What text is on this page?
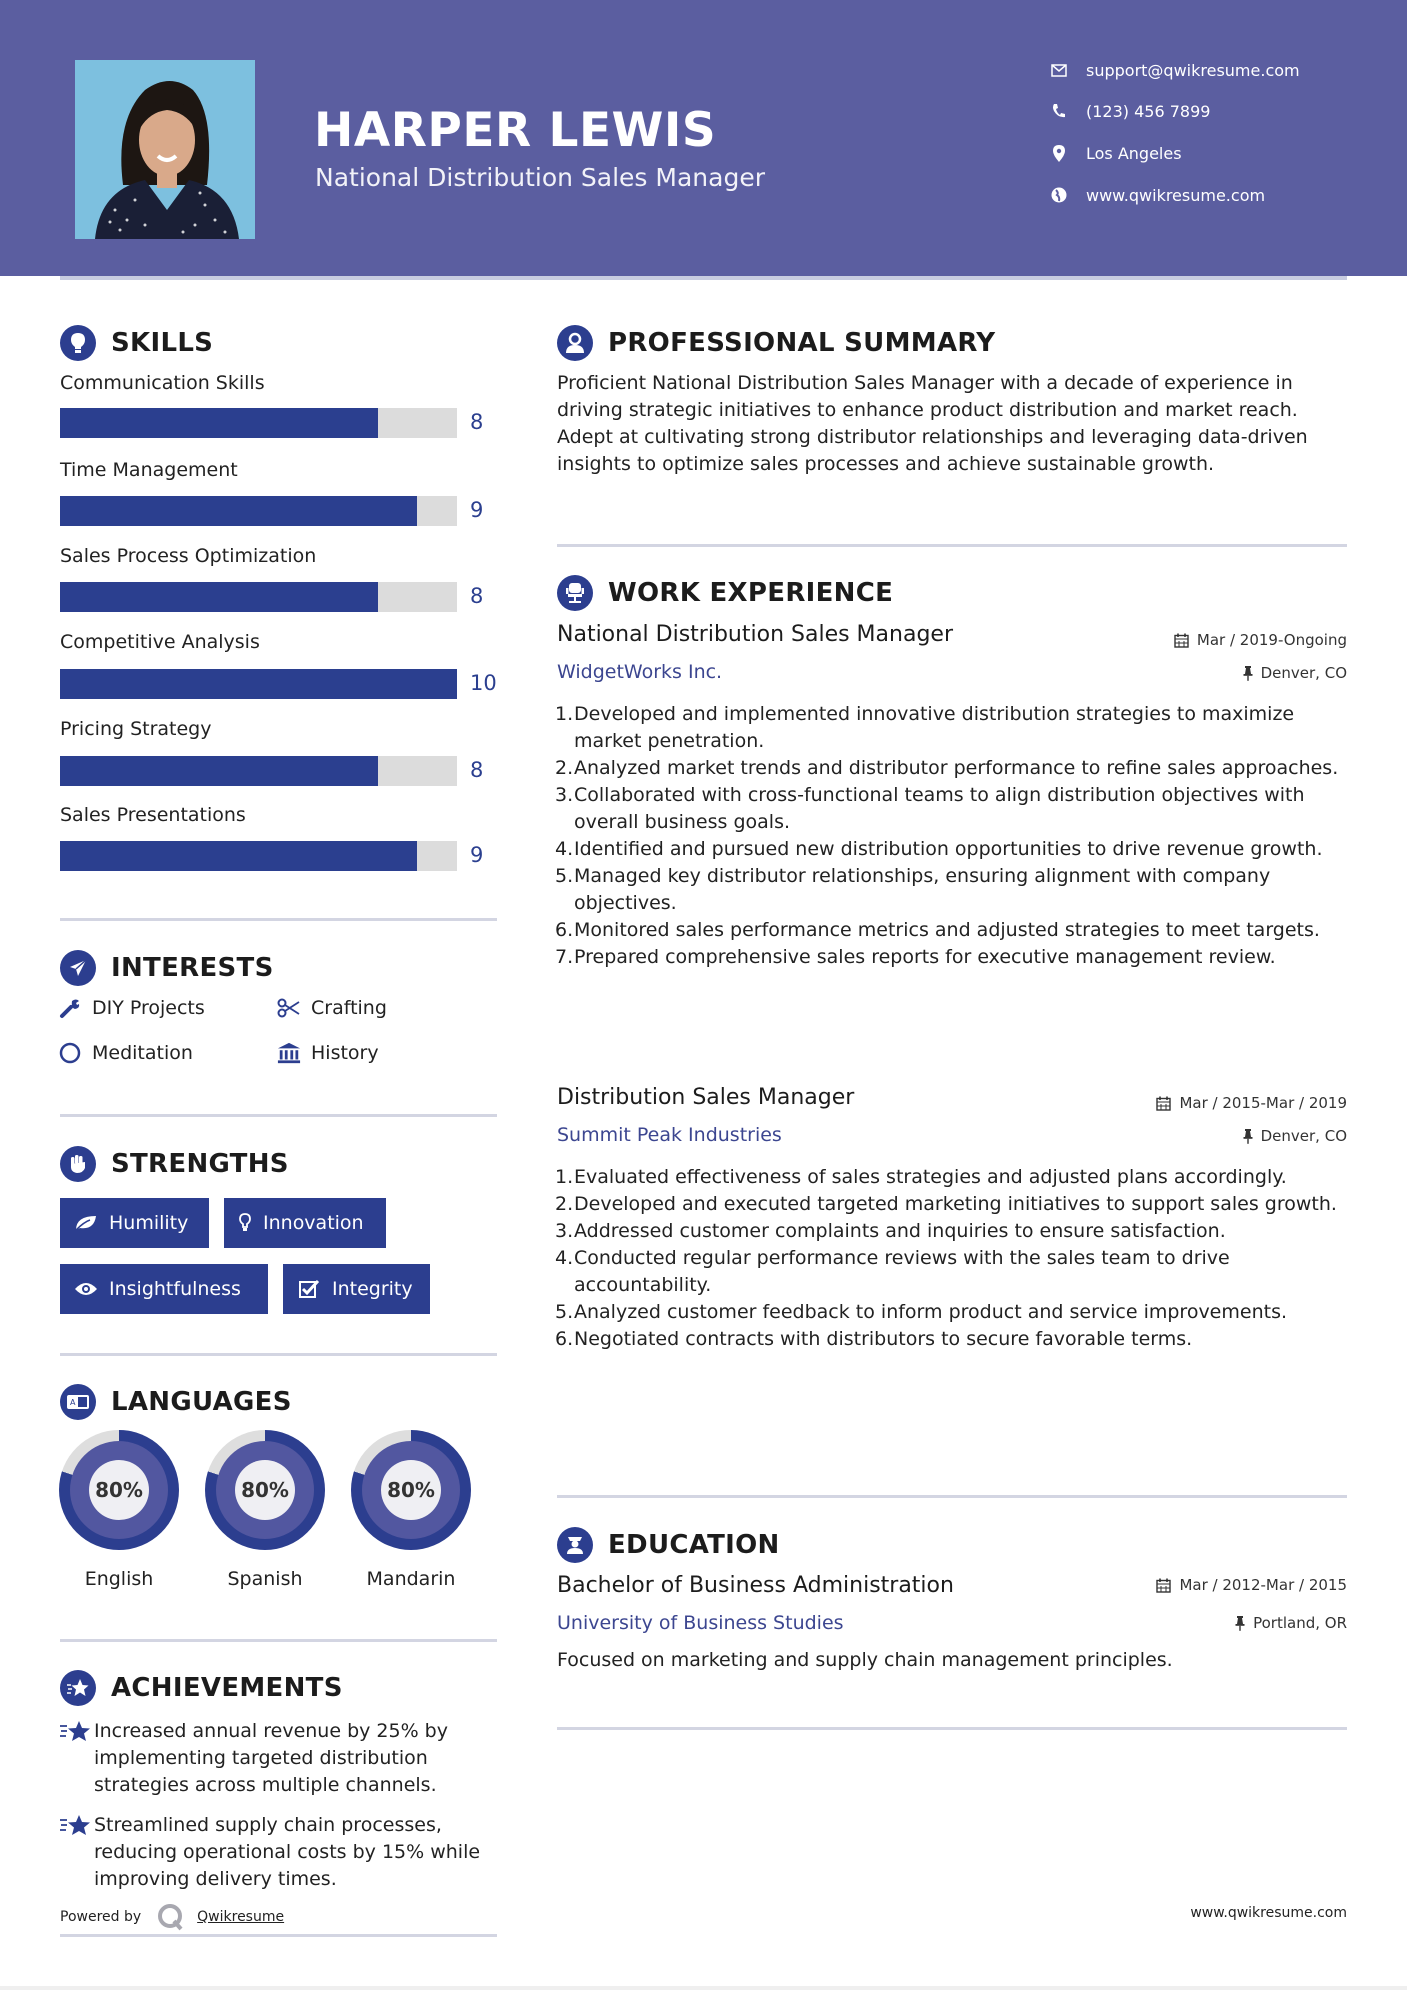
HARPER LEWIS
National Distribution Sales Manager
support@qwikresume.com
(123) 456 7899
Los Angeles
www.qwikresume.com
SKILLS
Communication Skills
8
Time Management
9
Sales Process Optimization
8
Competitive Analysis
10
Pricing Strategy
8
Sales Presentations
9
INTERESTS
DIY Projects	Crafting
Meditation	History
STRENGTHS
Humility	Innovation
Insightfulness	Integrity
A LANGUAGES
80%
English
80%
Spanish
80%
Mandarin
ACHIEVEMENTS
Increased annual revenue by 25% by implementing targeted distribution strategies across multiple channels.
Streamlined supply chain processes, reducing operational costs by 15% while improving delivery times.
Powered by	Qwikresume
PROFESSIONAL SUMMARY
Proficient National Distribution Sales Manager with a decade of experience in driving strategic initiatives to enhance product distribution and market reach. Adept at cultivating strong distributor relationships and leveraging data-driven insights to optimize sales processes and achieve sustainable growth.
WORK EXPERIENCE
National Distribution Sales Manager	Mar / 2019-Ongoing
WidgetWorks Inc.	Denver, CO
1. Developed and implemented innovative distribution strategies to maximize market penetration.
2. Analyzed market trends and distributor performance to refine sales approaches.
3. Collaborated with cross-functional teams to align distribution objectives with overall business goals.
4. Identified and pursued new distribution opportunities to drive revenue growth.
5. Managed key distributor relationships, ensuring alignment with company objectives.
6. Monitored sales performance metrics and adjusted strategies to meet targets.
7. Prepared comprehensive sales reports for executive management review.
Distribution Sales Manager	Mar / 2015-Mar / 2019
Summit Peak Industries	Denver, CO
1. Evaluated effectiveness of sales strategies and adjusted plans accordingly.
2. Developed and executed targeted marketing initiatives to support sales growth.
3. Addressed customer complaints and inquiries to ensure satisfaction.
4. Conducted regular performance reviews with the sales team to drive accountability.
5. Analyzed customer feedback to inform product and service improvements.
6. Negotiated contracts with distributors to secure favorable terms.
EDUCATION
Bachelor of Business Administration	Mar / 2012-Mar / 2015
University of Business Studies	Portland, OR
Focused on marketing and supply chain management principles.
www.qwikresume.com
